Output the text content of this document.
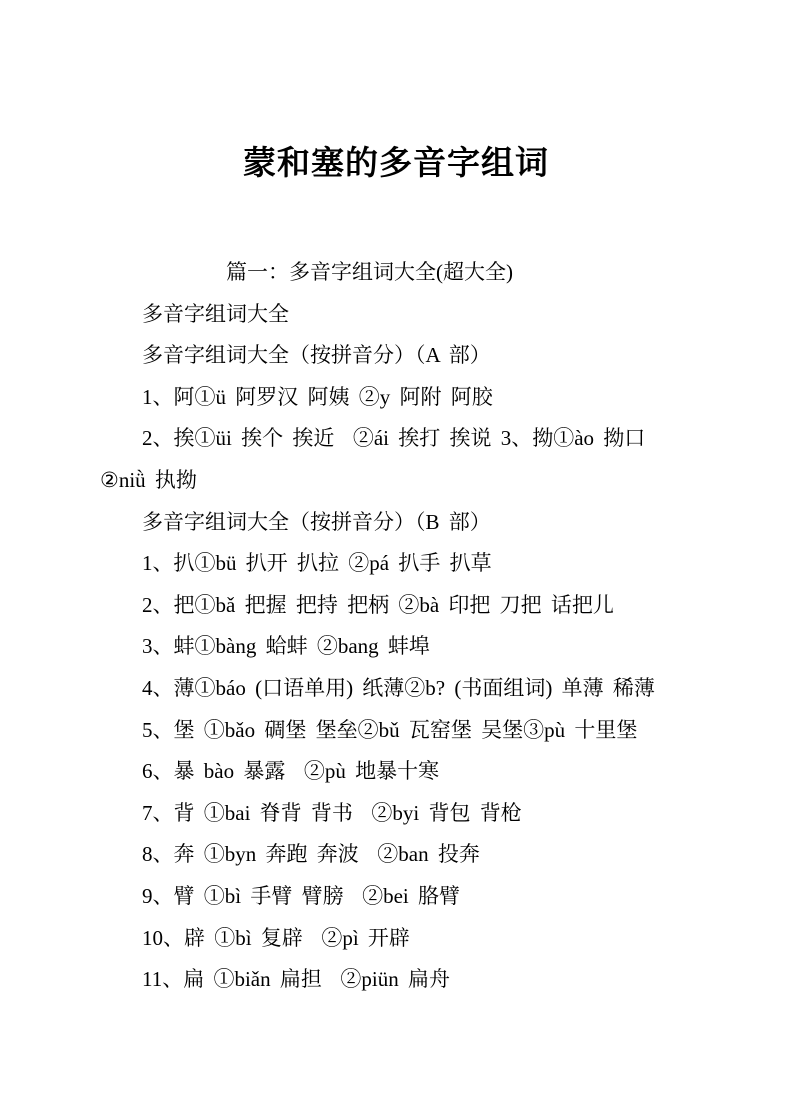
蒙和塞的多音字组词

篇一：多音字组词大全(超大全)

多音字组词大全

多音字组词大全（按拼音分）（A 部）

1、阿①ü 阿罗汉 阿姨 ②y 阿附 阿胶

2、挨①üi 挨个 挨近  ②ái 挨打 挨说 3、拗①ào 拗口

②niǜ 执拗

多音字组词大全（按拼音分）（B 部）

1、扒①bü 扒开 扒拉 ②pá 扒手 扒草

2、把①bǎ 把握 把持 把柄 ②bà 印把 刀把 话把儿

3、蚌①bàng 蛤蚌 ②bang 蚌埠

4、薄①báo (口语单用) 纸薄②b? (书面组词) 单薄 稀薄

5、堡 ①bǎo 碉堡 堡垒②bǔ 瓦窑堡 吴堡③pù 十里堡

6、暴 bào 暴露  ②pù 地暴十寒

7、背 ①bai 脊背 背书  ②byi 背包 背枪

8、奔 ①byn 奔跑 奔波  ②ban 投奔

9、臂 ①bì 手臂 臂膀  ②bei 胳臂

10、辟 ①bì 复辟  ②pì 开辟

11、扁 ①biǎn 扁担  ②piün 扁舟
